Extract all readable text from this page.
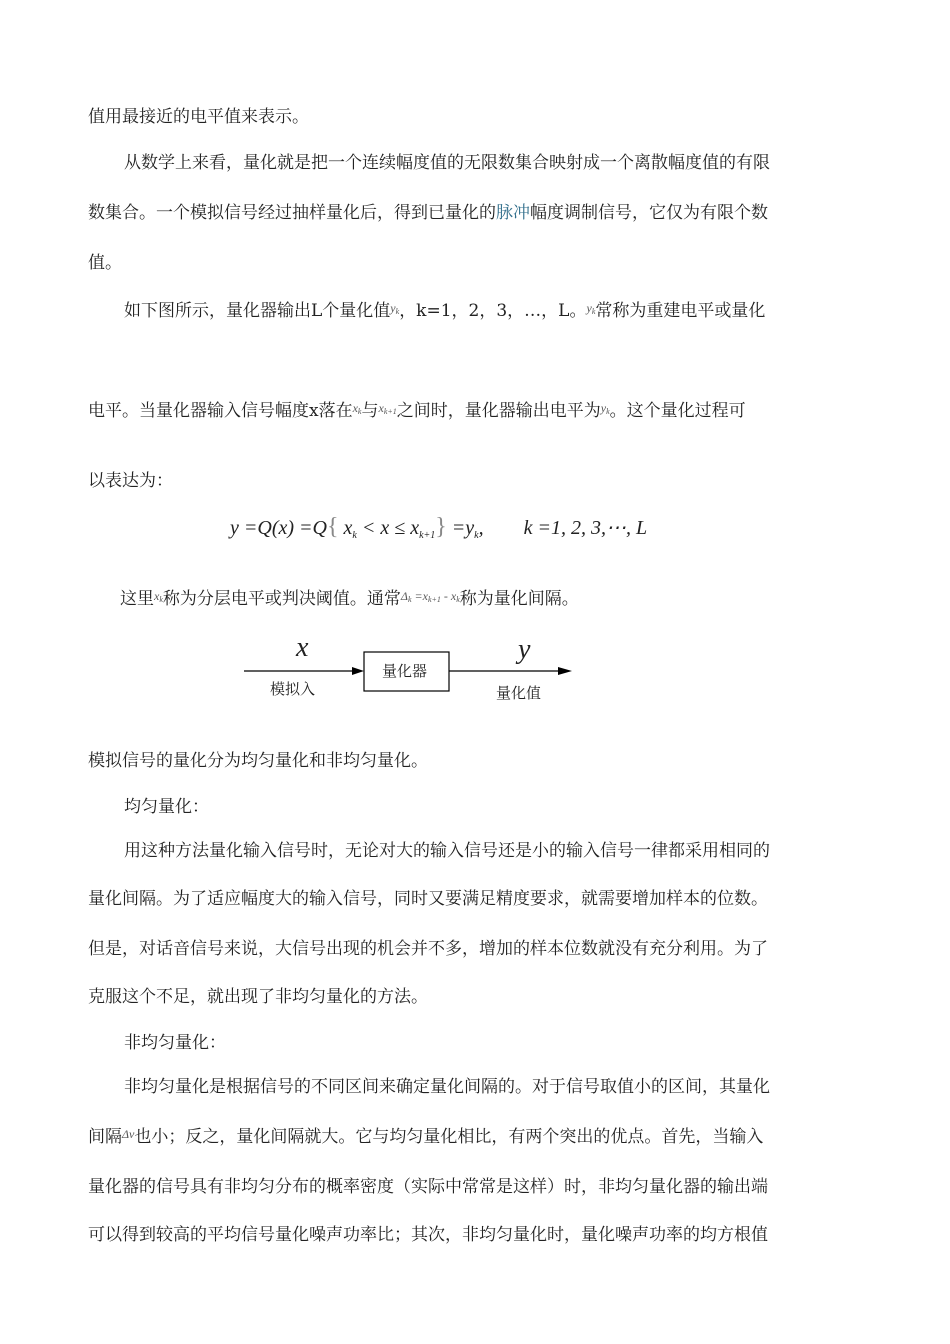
值用最接近的电平值来表示。
从数学上来看，量化就是把一个连续幅度值的无限数集合映射成一个离散幅度值的有限
数集合。一个模拟信号经过抽样量化后，得到已量化的脉冲幅度调制信号，它仅为有限个数
值。
如下图所示，量化器输出L个量化值$^{yk}$，k=1，2，3，…，L。$^{yk}$常称为重建电平或量化
电平。当量化器输入信号幅度x落在$^{xk}$与$^{xk+1}$之间时，量化器输出电平为$^{yk}$。这个量化过程可
以表达为：
y =Q(x) =Q{ $x_k < x \le x_{k+1}\} =y_k$,        k =1, 2, 3,⋯, L
这里$^{xk}$称为分层电平或判决阈值。通常$^{\Delta k =xk+1 - xk}$称为量化间隔。
x	y
量化器
模拟入	量化值
模拟信号的量化分为均匀量化和非均匀量化。
均匀量化：
用这种方法量化输入信号时，无论对大的输入信号还是小的输入信号一律都采用相同的
量化间隔。为了适应幅度大的输入信号，同时又要满足精度要求，就需要增加样本的位数。
但是，对话音信号来说，大信号出现的机会并不多，增加的样本位数就没有充分利用。为了
克服这个不足，就出现了非均匀量化的方法。
非均匀量化：
非均匀量化是根据信号的不同区间来确定量化间隔的。对于信号取值小的区间，其量化
间隔$^{\Delta v}$也小；反之，量化间隔就大。它与均匀量化相比，有两个突出的优点。首先，当输入
量化器的信号具有非均匀分布的概率密度（实际中常常是这样）时，非均匀量化器的输出端
可以得到较高的平均信号量化噪声功率比；其次，非均匀量化时，量化噪声功率的均方根值
